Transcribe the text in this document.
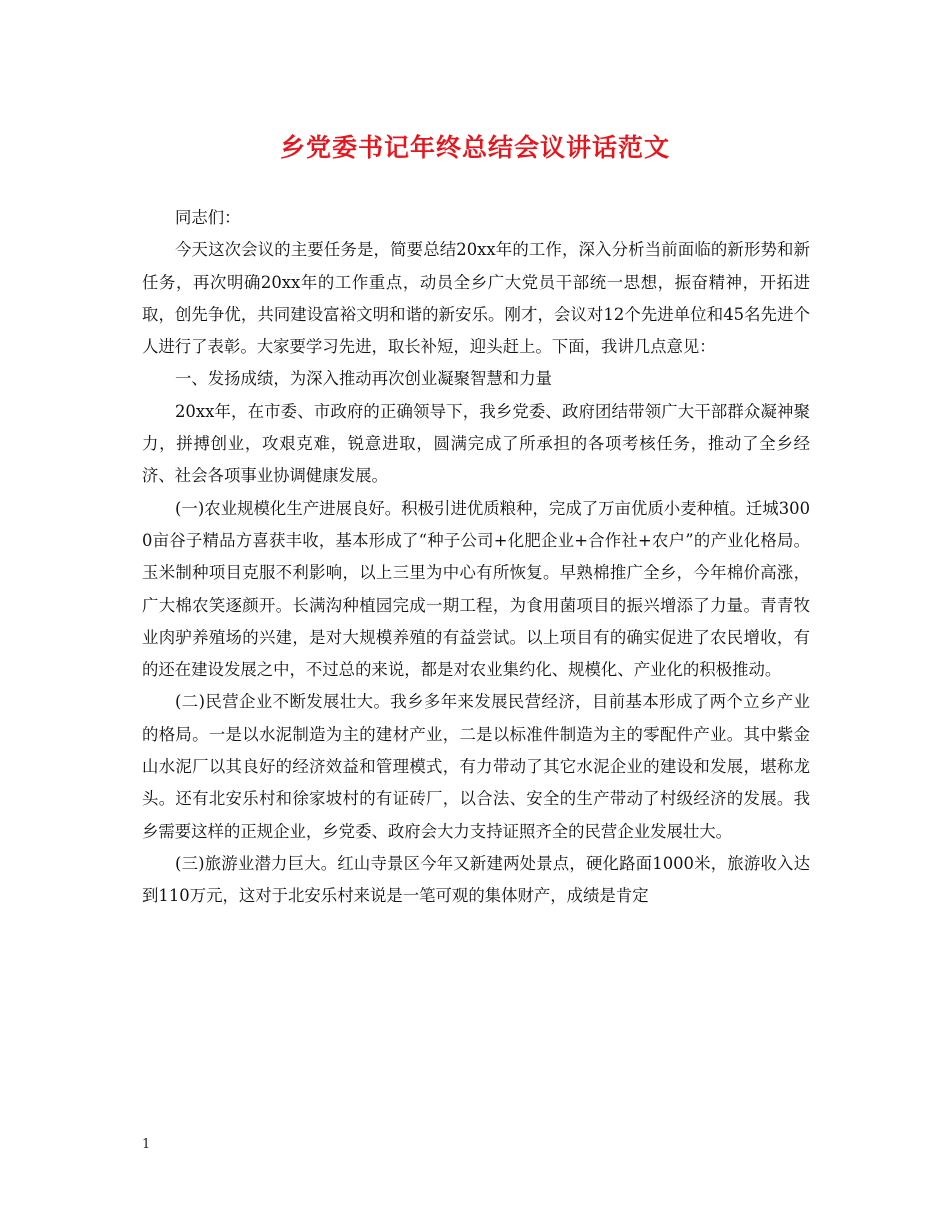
乡党委书记年终总结会议讲话范文

同志们：

今天这次会议的主要任务是，简要总结20xx年的工作，深入分析当前面临的新形势和新任务，再次明确20xx年的工作重点，动员全乡广大党员干部统一思想，振奋精神，开拓进取，创先争优，共同建设富裕文明和谐的新安乐。刚才，会议对12个先进单位和45名先进个人进行了表彰。大家要学习先进，取长补短，迎头赶上。下面，我讲几点意见：

一、发扬成绩，为深入推动再次创业凝聚智慧和力量

20xx年，在市委、市政府的正确领导下，我乡党委、政府团结带领广大干部群众凝神聚力，拼搏创业，攻艰克难，锐意进取，圆满完成了所承担的各项考核任务，推动了全乡经济、社会各项事业协调健康发展。

(一)农业规模化生产进展良好。积极引进优质粮种，完成了万亩优质小麦种植。迁城3000亩谷子精品方喜获丰收，基本形成了“种子公司+化肥企业+合作社+农户”的产业化格局。玉米制种项目克服不利影响，以上三里为中心有所恢复。早熟棉推广全乡，今年棉价高涨，广大棉农笑逐颜开。长满沟种植园完成一期工程，为食用菌项目的振兴增添了力量。青青牧业肉驴养殖场的兴建，是对大规模养殖的有益尝试。以上项目有的确实促进了农民增收，有的还在建设发展之中，不过总的来说，都是对农业集约化、规模化、产业化的积极推动。

(二)民营企业不断发展壮大。我乡多年来发展民营经济，目前基本形成了两个立乡产业的格局。一是以水泥制造为主的建材产业，二是以标准件制造为主的零配件产业。其中紫金山水泥厂以其良好的经济效益和管理模式，有力带动了其它水泥企业的建设和发展，堪称龙头。还有北安乐村和徐家坡村的有证砖厂，以合法、安全的生产带动了村级经济的发展。我乡需要这样的正规企业，乡党委、政府会大力支持证照齐全的民营企业发展壮大。

(三)旅游业潜力巨大。红山寺景区今年又新建两处景点，硬化路面1000米，旅游收入达到110万元，这对于北安乐村来说是一笔可观的集体财产，成绩是肯定

1
